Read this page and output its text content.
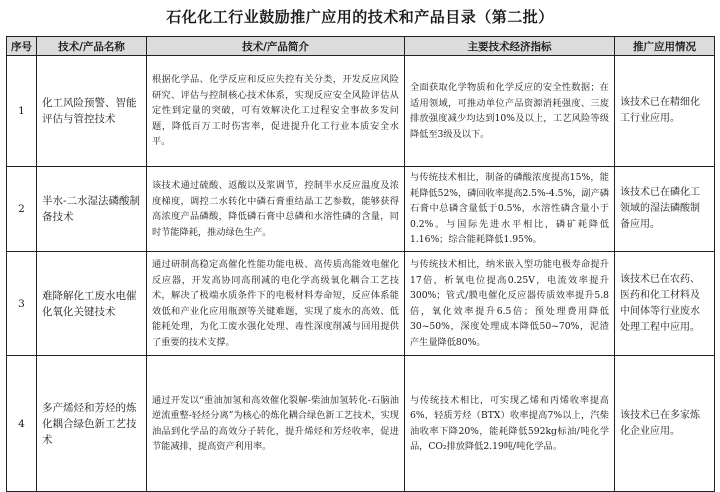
石化化工行业鼓励推广应用的技术和产品目录（第二批）
序号	技术/产品名称	技术/产品简介	主要技术经济指标	推广应用情况
1	化工风险预警、智能评估与管控技术	根据化学品、化学反应和反应失控有关分类，开发反应风险研究、评估与控制核心技术体系，实现反应安全风险评估从定性到定量的突破，可有效解决化工过程安全事故多发问题，降低百万工时伤害率，促进提升化工行业本质安全水平。	全面获取化学物质和化学反应的安全性数据；在适用领域，可推动单位产品资源消耗强度、三废排放强度减少均达到10%及以上，工艺风险等级降低至3级及以下。	该技术已在精细化工行业应用。
2	半水-二水湿法磷酸制备技术	该技术通过硫酸、返酸以及浆调节，控制半水反应温度及浓度梯度，调控二水转化中磷石膏重结晶工艺参数，能够获得高浓度产品磷酸，降低磷石膏中总磷和水溶性磷的含量，同时节能降耗，推动绿色生产。	与传统技术相比，制备的磷酸浓度提高15%，能耗降低52%，磷回收率提高2.5%-4.5%，副产磷石膏中总磷含量低于0.5%，水溶性磷含量小于0.2%。与国际先进水平相比，磷矿耗降低1.16%；综合能耗降低1.95%。	该技术已在磷化工领域的湿法磷酸制备应用。
3	难降解化工废水电催化氧化关键技术	通过研制高稳定高催化性能功能电极、高传质高能效电催化反应器，开发高协同高削减的电化学高级氧化耦合工艺技术，解决了极端水质条件下的电极材料寿命短，反应体系能效低和产业化应用瓶颈等关键难题，实现了废水的高效、低能耗处理，为化工废水强化处理、毒性深度削减与回用提供了重要的技术支撑。	与传统技术相比，纳米嵌入型功能电极寿命提升17倍，析氧电位提高0.25V，电流效率提升300%；管式/膜电催化反应器传质效率提升5.8倍，氧化效率提升6.5倍；预处理费用降低30~50%，深度处理成本降低50~70%，泥渣产生量降低80%。	该技术已在农药、医药和化工材料及中间体等行业废水处理工程中应用。
4	多产烯烃和芳烃的炼化耦合绿色新工艺技术	通过开发以“重油加氢和高效催化裂解-柴油加氢转化-石脑油逆流重整-轻烃分离”为核心的炼化耦合绿色新工艺技术，实现油品到化学品的高效分子转化，提升烯烃和芳烃收率，促进节能减排，提高资产利用率。	与传统技术相比，可实现乙烯和丙烯收率提高6%，轻质芳烃（BTX）收率提高7%以上，汽柴油收率下降20%，能耗降低592kg标油/吨化学品，CO₂排放降低2.19吨/吨化学品。	该技术已在多家炼化企业应用。
